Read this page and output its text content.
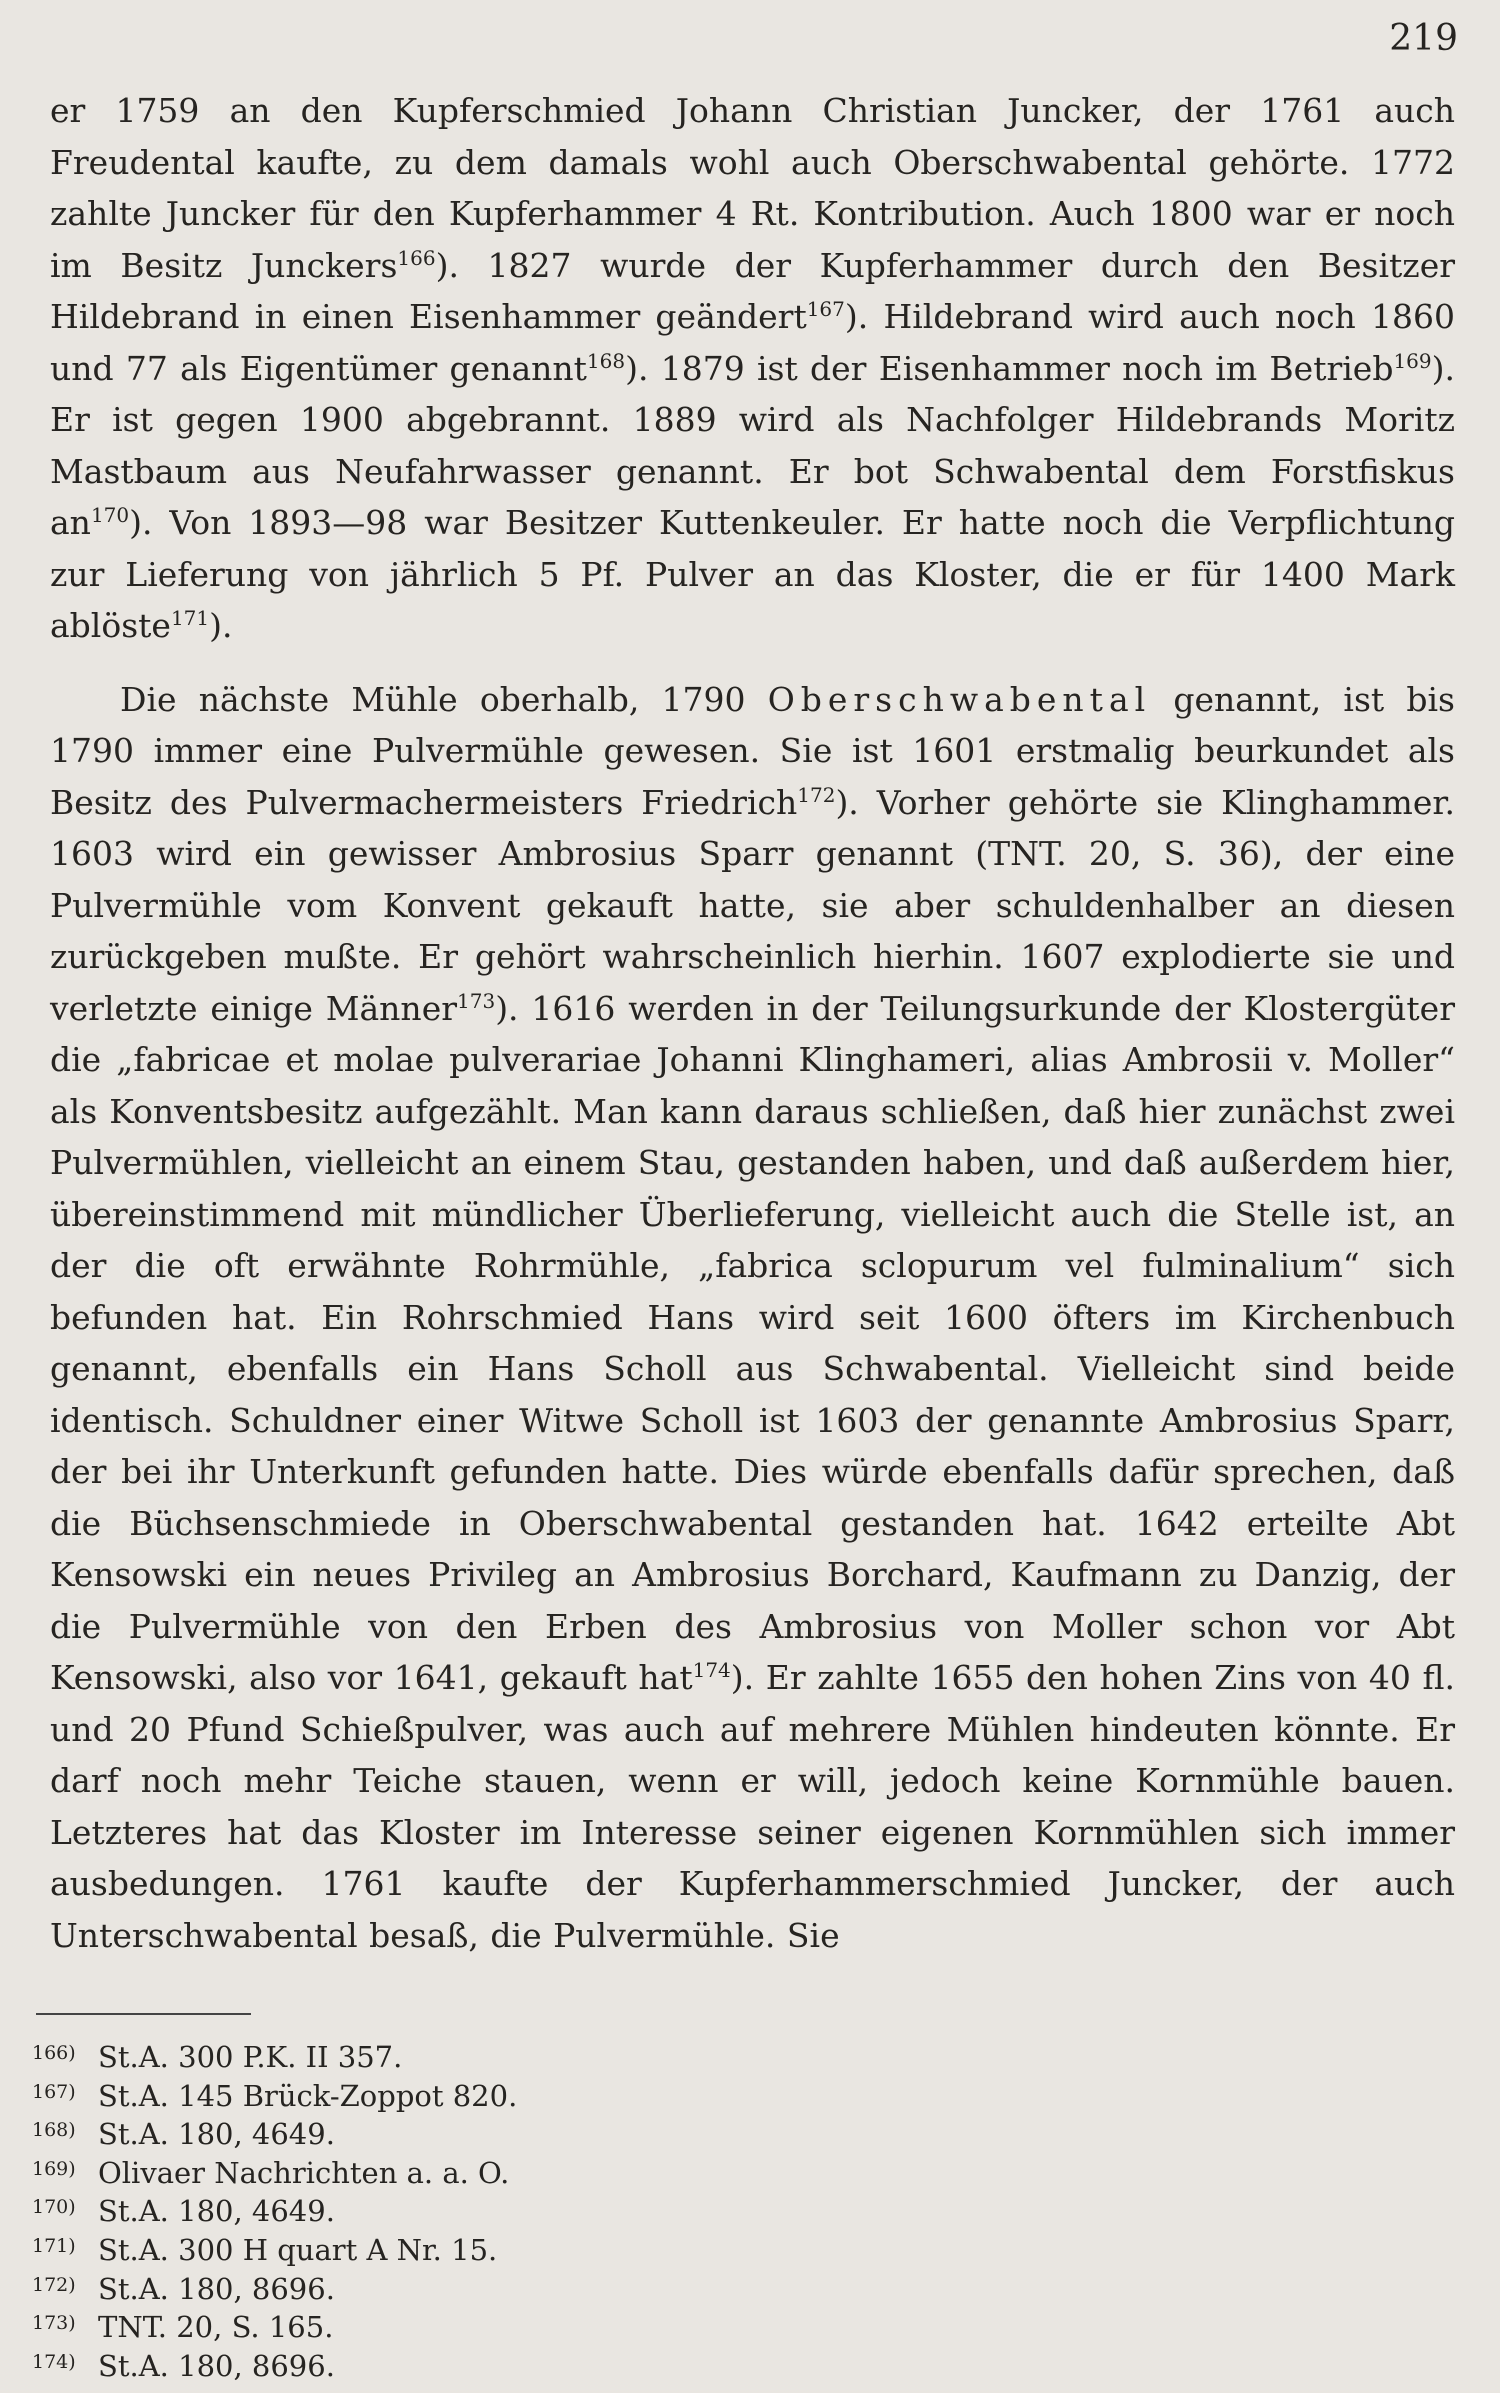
219

er 1759 an den Kupferschmied Johann Christian Juncker, der 1761 auch Freudental kaufte, zu dem damals wohl auch Oberschwabental gehörte. 1772 zahlte Juncker für den Kupferhammer 4 Rt. Kontribution. Auch 1800 war er noch im Besitz Junckers$^{166}$). 1827 wurde der Kupferhammer durch den Besitzer Hildebrand in einen Eisenhammer geändert$^{167}$). Hildebrand wird auch noch 1860 und 77 als Eigentümer genannt$^{168}$). 1879 ist der Eisenhammer noch im Betrieb$^{169}$). Er ist gegen 1900 abgebrannt. 1889 wird als Nachfolger Hildebrands Moritz Mastbaum aus Neufahrwasser genannt. Er bot Schwabental dem Forstfiskus $an^{170}$). Von 1893—98 war Besitzer Kuttenkeuler. Er hatte noch die Verpflichtung zur Lieferung von jährlich 5 Pf. Pulver an das Kloster, die er für 1400 Mark ablöste$^{171}$).

Die nächste Mühle oberhalb, 1790 Oberschwabental genannt, ist bis 1790 immer eine Pulvermühle gewesen. Sie ist 1601 erstmalig beurkundet als Besitz des Pulvermachermeisters Friedrich$^{172}$). Vorher gehörte sie Klinghammer. 1603 wird ein gewisser Ambrosius Sparr genannt (TNT. 20, S. 36), der eine Pulvermühle vom Konvent gekauft hatte, sie aber schuldenhalber an diesen zurückgeben mußte. Er gehört wahrscheinlich hierhin. 1607 explodierte sie und verletzte einige Männer$^{173}$). 1616 werden in der Teilungsurkunde der Klostergüter die „fabricae et molae pulverariae Johanni Klinghameri, alias Ambrosii v. Moller“ als Konventsbesitz aufgezählt. Man kann daraus schließen, daß hier zunächst zwei Pulvermühlen, vielleicht an einem Stau, gestanden haben, und daß außerdem hier, übereinstimmend mit mündlicher Überlieferung, vielleicht auch die Stelle ist, an der die oft erwähnte Rohrmühle, „fabrica sclopurum vel fulminalium“ sich befunden hat. Ein Rohrschmied Hans wird seit 1600 öfters im Kirchenbuch genannt, ebenfalls ein Hans Scholl aus Schwabental. Vielleicht sind beide identisch. Schuldner einer Witwe Scholl ist 1603 der genannte Ambrosius Sparr, der bei ihr Unterkunft gefunden hatte. Dies würde ebenfalls dafür sprechen, daß die Büchsenschmiede in Oberschwabental gestanden hat. 1642 erteilte Abt Kensowski ein neues Privileg an Ambrosius Borchard, Kaufmann zu Danzig, der die Pulvermühle von den Erben des Ambrosius von Moller schon vor Abt Kensowski, also vor 1641, gekauft hat$^{174}$). Er zahlte 1655 den hohen Zins von 40 fl. und 20 Pfund Schießpulver, was auch auf mehrere Mühlen hindeuten könnte. Er darf noch mehr Teiche stauen, wenn er will, jedoch keine Kornmühle bauen. Letzteres hat das Kloster im Interesse seiner eigenen Kornmühlen sich immer ausbedungen. 1761 kaufte der Kupferhammerschmied Juncker, der auch Unterschwabental besaß, die Pulvermühle. Sie

166) St.A. 300 P.K. II 357.
167) St.A. 145 Brück-Zoppot 820.
168) St.A. 180, 4649.
169) Olivaer Nachrichten a. a. O.
170) St.A. 180, 4649.
171) St.A. 300 H quart A Nr. 15.
172) St.A. 180, 8696.
173) TNT. 20, S. 165.
174) St.A. 180, 8696.
